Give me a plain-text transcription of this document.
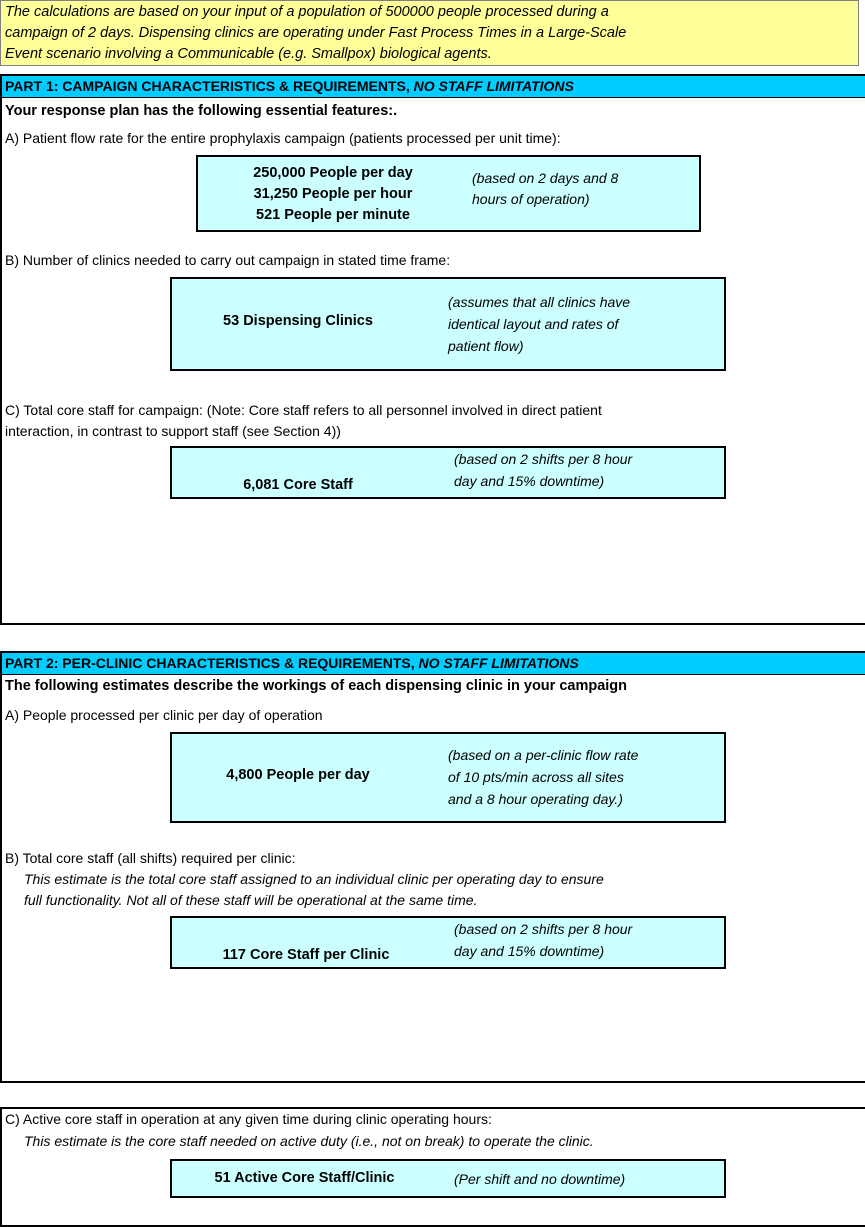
The calculations are based on your input of a population of 500000 people processed during a
campaign of 2 days. Dispensing clinics are operating under Fast Process Times in a Large-Scale
Event scenario involving a Communicable (e.g. Smallpox) biological agents.
PART 1: CAMPAIGN CHARACTERISTICS & REQUIREMENTS, NO STAFF LIMITATIONS
Your response plan has the following essential features:.
A) Patient flow rate for the entire prophylaxis campaign (patients processed per unit time):
250,000 People per day
31,250 People per hour
521 People per minute
(based on 2 days and 8
hours of operation)
B) Number of clinics needed to carry out campaign in stated time frame:
53 Dispensing Clinics
(assumes that all clinics have
identical layout and rates of
patient flow)
C) Total core staff for campaign: (Note: Core staff refers to all personnel involved in direct patient
interaction, in contrast to support staff (see Section 4))
6,081 Core Staff
(based on 2 shifts per 8 hour
day and 15% downtime)
PART 2: PER-CLINIC CHARACTERISTICS & REQUIREMENTS, NO STAFF LIMITATIONS
The following estimates describe the workings of each dispensing clinic in your campaign
A) People processed per clinic per day of operation
4,800 People per day
(based on a per-clinic flow rate
of 10 pts/min across all sites
and a 8 hour operating day.)
B) Total core staff (all shifts) required per clinic:
This estimate is the total core staff assigned to an individual clinic per operating day to ensure
full functionality. Not all of these staff will be operational at the same time.
117 Core Staff per Clinic
(based on 2 shifts per 8 hour
day and 15% downtime)
C) Active core staff in operation at any given time during clinic operating hours:
This estimate is the core staff needed on active duty (i.e., not on break) to operate the clinic.
51 Active Core Staff/Clinic	(Per shift and no downtime)
